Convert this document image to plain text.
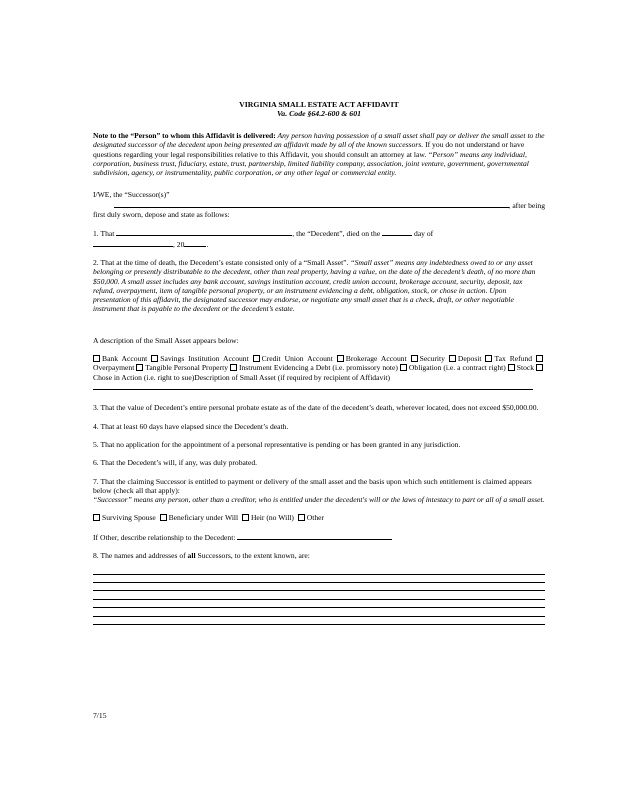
VIRGINIA SMALL ESTATE ACT AFFIDAVIT
Va. Code §64.2-600 & 601

Note to the “Person” to whom this Affidavit is delivered: Any person having possession of a small asset shall pay or deliver the small asset to the designated successor of the decedent upon being presented an affidavit made by all of the known successors. If you do not understand or have questions regarding your legal responsibilities relative to this Affidavit, you should consult an attorney at law. “Person” means any individual, corporation, business trust, fiduciary, estate, trust, partnership, limited liability company, association, joint venture, government, governmental subdivision, agency, or instrumentality, public corporation, or any other legal or commercial entity.

I/WE, the “Successor(s)”

, after being

first duly sworn, depose and state as follows:

1. That	, the “Decedent”, died on the	day of

, 20	.

2. That at the time of death, the Decedent’s estate consisted only of a “Small Asset”. “Small asset” means any indebtedness owed to or any asset belonging or presently distributable to the decedent, other than real property, having a value, on the date of the decedent’s death, of no more than $50,000. A small asset includes any bank account, savings institution account, credit union account, brokerage account, security, deposit, tax refund, overpayment, item of tangible personal property, or an instrument evidencing a debt, obligation, stock, or chose in action. Upon presentation of this affidavit, the designated successor may endorse, or negotiate any small asset that is a check, draft, or other negotiable instrument that is payable to the decedent or the decedent’s estate.

A description of the Small Asset appears below:

Bank Account Savings Institution Account Credit Union Account Brokerage Account Security Deposit Tax Refund Overpayment Tangible Personal Property Instrument Evidencing a Debt (i.e. promissory note) Obligation (i.e. a contract right) Stock Chose in Action (i.e. right to sue)Description of Small Asset (if required by recipient of Affidavit)

3. That the value of Decedent’s entire personal probate estate as of the date of the decedent’s death, wherever located, does not exceed $50,000.00.

4. That at least 60 days have elapsed since the Decedent’s death.

5. That no application for the appointment of a personal representative is pending or has been granted in any jurisdiction.

6. That the Decedent’s will, if any, was duly probated.

7. That the claiming Successor is entitled to payment or delivery of the small asset and the basis upon which such entitlement is claimed appears below (check all that apply):
“Successor” means any person, other than a creditor, who is entitled under the decedent's will or the laws of intestacy to part or all of a small asset.

Surviving Spouse Beneficiary under Will Heir (no Will) Other

If Other, describe relationship to the Decedent:

8. The names and addresses of all Successors, to the extent known, are:

7/15
